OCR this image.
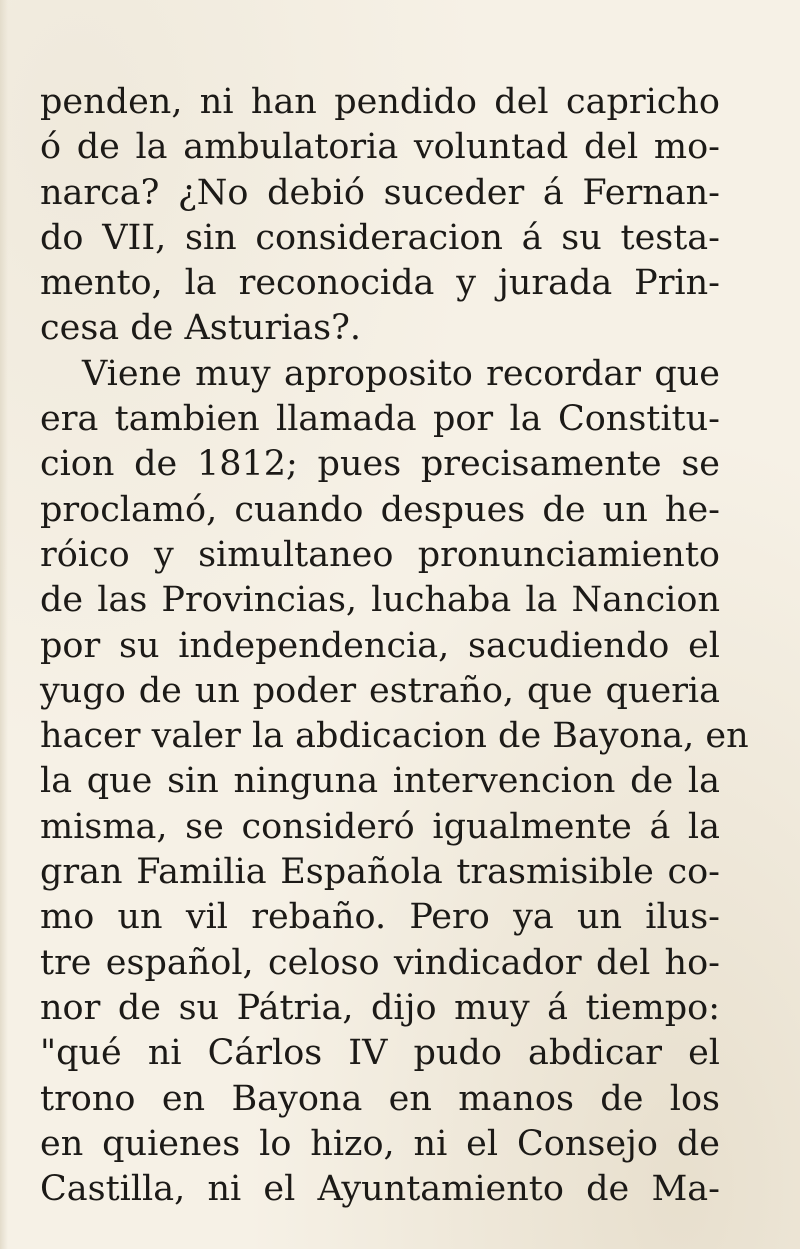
penden, ni han pendido del capricho
ó de la ambulatoria voluntad del mo-
narca? ¿No debió suceder á Fernan-
do VII, sin consideracion á su testa-
mento, la reconocida y jurada Prin-
cesa de Asturias?.
Viene muy aproposito recordar que
era tambien llamada por la Constitu-
cion de 1812; pues precisamente se
proclamó, cuando despues de un he-
róico y simultaneo pronunciamiento
de las Provincias, luchaba la Nancion
por su independencia, sacudiendo el
yugo de un poder estraño, que queria
hacer valer la abdicacion de Bayona, en
la que sin ninguna intervencion de la
misma, se consideró igualmente á la
gran Familia Española trasmisible co-
mo un vil rebaño. Pero ya un ilus-
tre español, celoso vindicador del ho-
nor de su Pátria, dijo muy á tiempo:
"qué ni Cárlos IV pudo abdicar el
trono en Bayona en manos de los
en quienes lo hizo, ni el Consejo de
Castilla, ni el Ayuntamiento de Ma-
